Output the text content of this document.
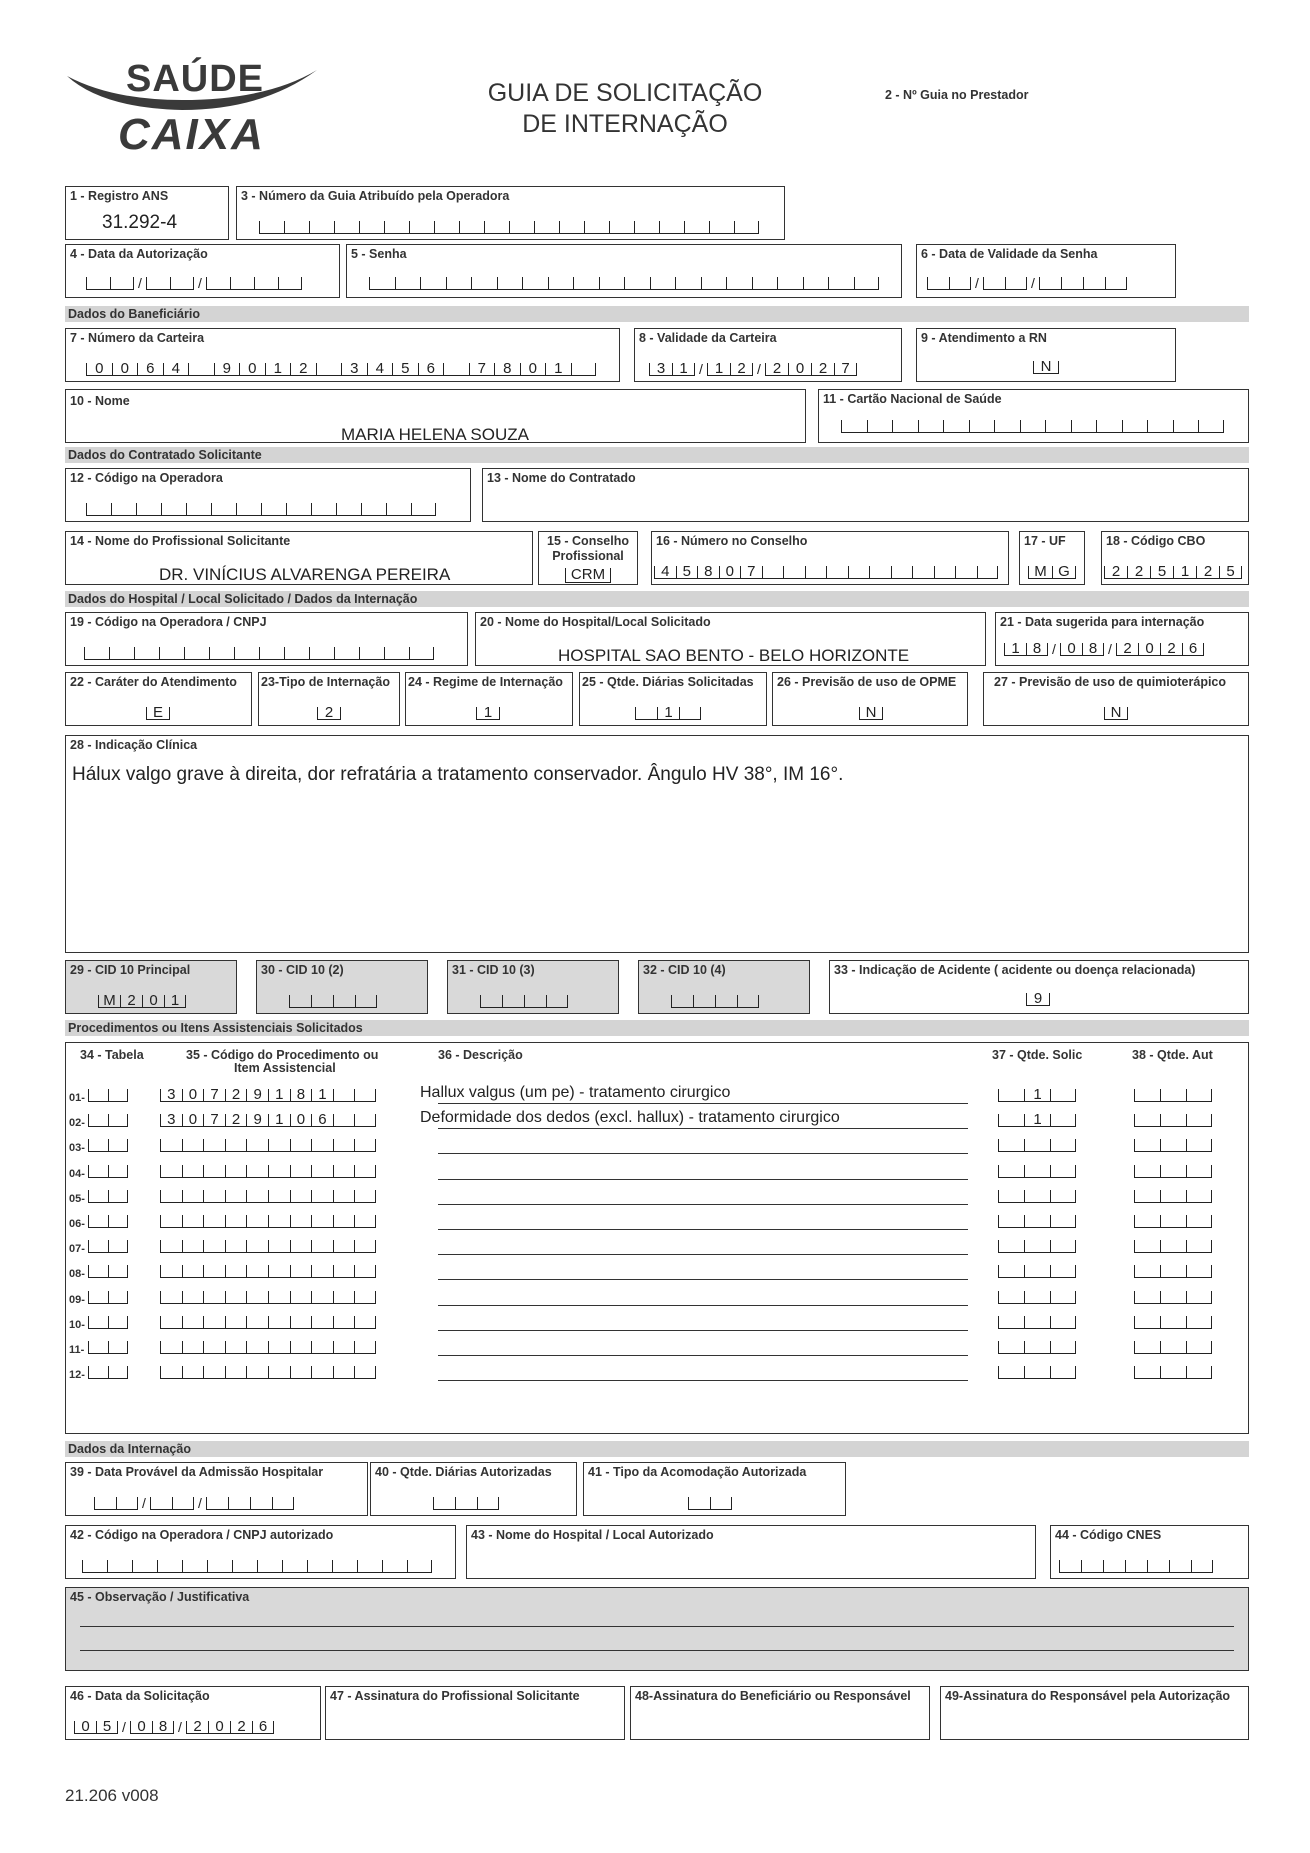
SAÚDE
CAIXA
GUIA DE SOLICITAÇÃO
DE INTERNAÇÃO
2 - Nº Guia no Prestador
1 - Registro ANS
31.292-4
3 - Número da Guia Atribuído pela Operadora
4 - Data da Autorização
/	/
5 - Senha	6 - Data de Validade da Senha
/	/
Dados do Baneficiário
7 - Número da Carteira
0	0	6	4	9	0	1	2	3	4	5	6	7	8	0	1
8 - Validade da Carteira
3 1 / 1 2 / 2 0 2 7
9 - Atendimento a RN
N
10 - Nome
MARIA HELENA SOUZA
11 - Cartão Nacional de Saúde
Dados do Contratado Solicitante
12 - Código na Operadora	13 - Nome do Contratado
14 - Nome do Profissional Solicitante
DR. VINÍCIUS ALVARENGA PEREIRA
15 - Conselho Profissional
CRM
16 - Número no Conselho
4 5 8 0 7
17 - UF
M G
18 - Código CBO
2 2 5 1 2 5
Dados do Hospital / Local Solicitado / Dados da Internação
19 - Código na Operadora / CNPJ	20 - Nome do Hospital/Local Solicitado
HOSPITAL SAO BENTO - BELO HORIZONTE
21 - Data sugerida para internação
1 8 / 0 8 / 2 0 2 6
22 - Caráter do Atendimento
E
23-Tipo de Internação
2
24 - Regime de Internação
1
25 - Qtde. Diárias Solicitadas
1
26 - Previsão de uso de OPME
N
27 - Previsão de uso de quimioterápico
N
28 - Indicação Clínica
Hálux valgo grave à direita, dor refratária a tratamento conservador. Ângulo HV 38°, IM 16°.
29 - CID 10 Principal
M 2 0 1
30 - CID 10 (2)	31 - CID 10 (3)	32 - CID 10 (4)	33 - Indicação de Acidente ( acidente ou doença relacionada)
9
Procedimentos ou Itens Assistenciais Solicitados
34 - Tabela	35 - Código do Procedimento ou
Item Assistencial
36 - Descrição	37 - Qtde. Solic	38 - Qtde. Aut
01-	3 0 7 2 9 1 8 1	Hallux valgus (um pe) - tratamento cirurgico	1
02-	3 0 7 2 9 1 0 6	Deformidade dos dedos (excl. hallux) - tratamento cirurgico	1
03-
04-
05-
06-
07-
08-
09-
10-
11-
12-
Dados da Internação
39 - Data Provável da Admissão Hospitalar
/	/
40 - Qtde. Diárias Autorizadas	41 - Tipo da Acomodação Autorizada
42 - Código na Operadora / CNPJ autorizado	43 - Nome do Hospital / Local Autorizado	44 - Código CNES
45 - Observação / Justificativa
46 - Data da Solicitação
0 5 / 0 8 / 2 0 2 6
47 - Assinatura do Profissional Solicitante	48-Assinatura do Beneficiário ou Responsável	49-Assinatura do Responsável pela Autorização
21.206 v008
